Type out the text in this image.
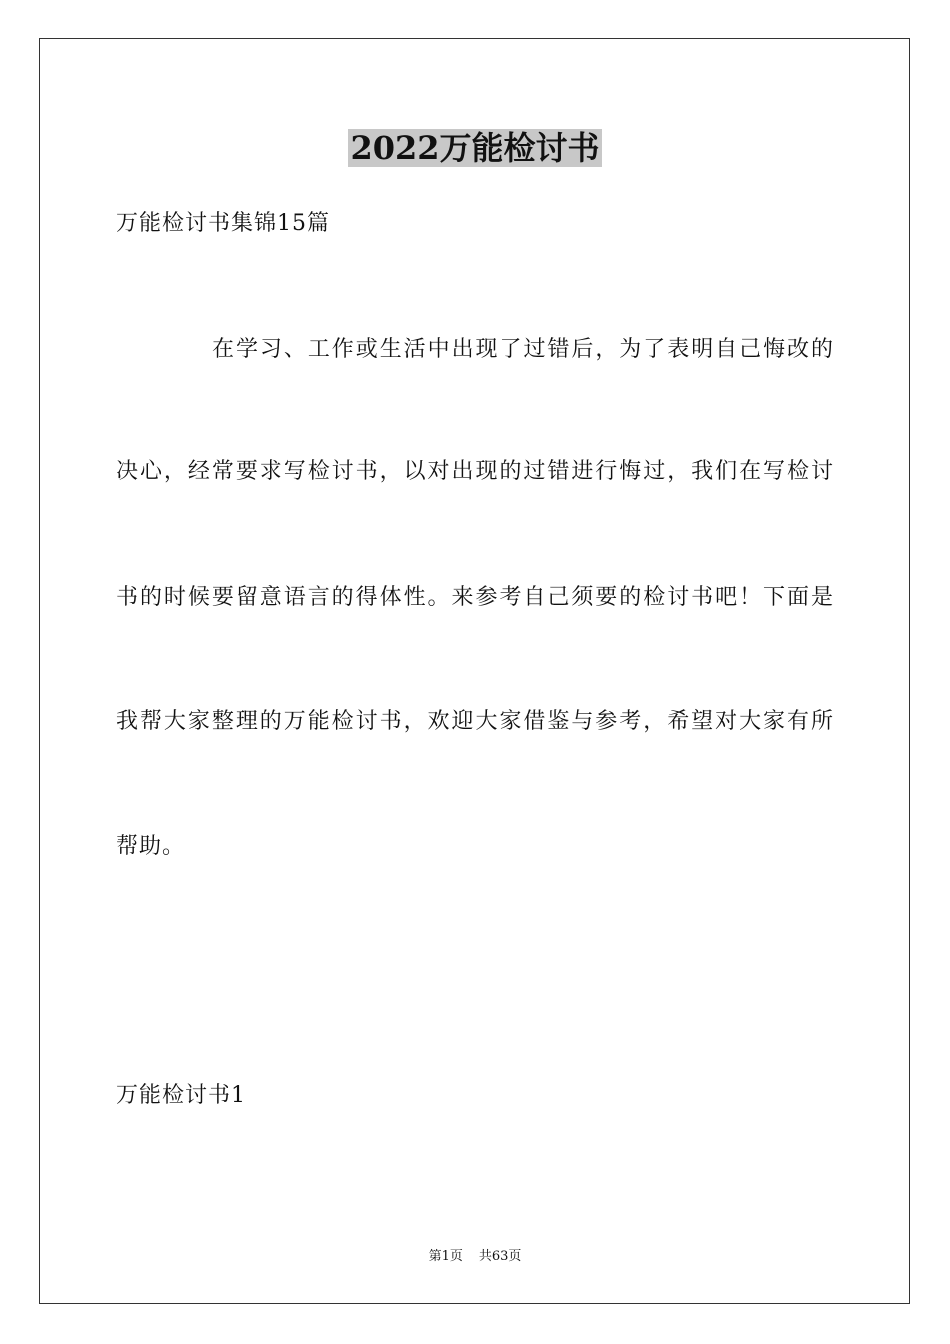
2022万能检讨书
万能检讨书集锦15篇
在学习、工作或生活中出现了过错后，为了表明自己悔改的
决心，经常要求写检讨书，以对出现的过错进行悔过，我们在写检讨
书的时候要留意语言的得体性。来参考自己须要的检讨书吧！下面是
我帮大家整理的万能检讨书，欢迎大家借鉴与参考，希望对大家有所
帮助。
万能检讨书1
第1页 共63页
